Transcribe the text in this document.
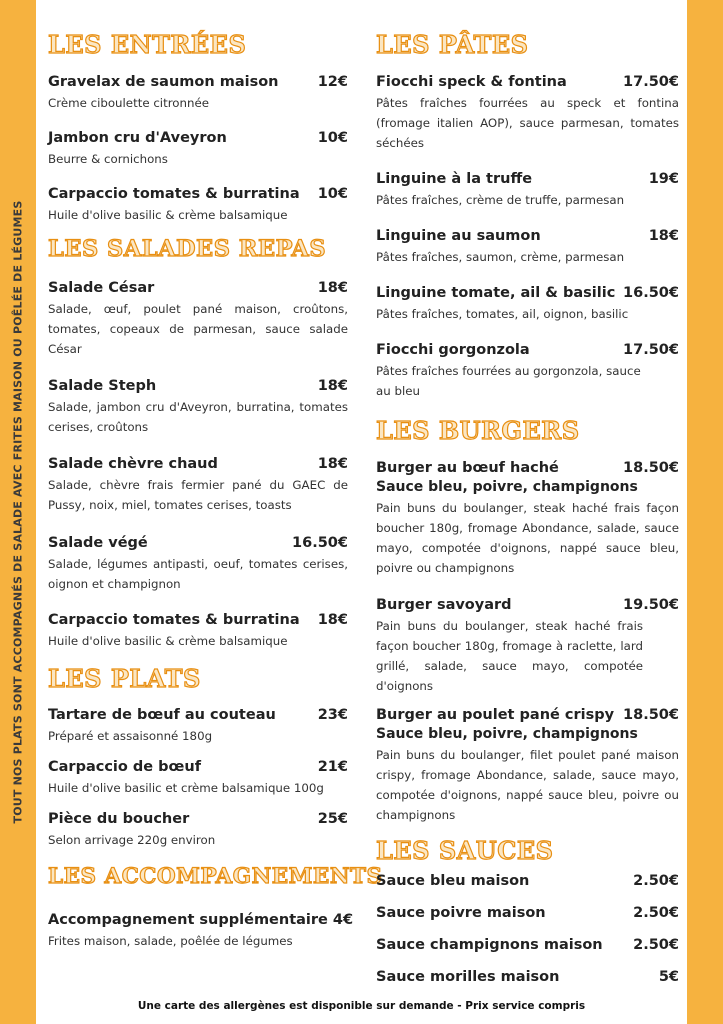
TOUT NOS PLATS SONT ACCOMPAGNÉS DE SALADE AVEC FRITES MAISON OU POÊLÉE DE LÉGUMES
LES ENTRÉES
Gravelax de saumon maison	12€
Crème ciboulette citronnée
Jambon cru d'Aveyron	10€
Beurre & cornichons
Carpaccio tomates & burratina 10€
Huile d'olive basilic & crème balsamique
LES SALADES REPAS
Salade César	18€
Salade, œuf, poulet pané maison, croûtons, tomates, copeaux de parmesan, sauce salade César
Salade Steph	18€
Salade, jambon cru d'Aveyron, burratina, tomates cerises, croûtons
Salade chèvre chaud	18€
Salade, chèvre frais fermier pané du GAEC de Pussy, noix, miel, tomates cerises, toasts
Salade végé	16.50€
Salade, légumes antipasti, oeuf, tomates cerises, oignon et champignon
Carpaccio tomates & burratina 18€
Huile d'olive basilic & crème balsamique
LES PLATS
Tartare de bœuf au couteau	23€
Préparé et assaisonné 180g
Carpaccio de bœuf	21€
Huile d'olive basilic et crème balsamique 100g
Pièce du boucher	25€
Selon arrivage 220g environ
LES ACCOMPAGNEMENTS
Accompagnement supplémentaire 4€
Frites maison, salade, poêlée de légumes
LES PÂTES
Fiocchi speck & fontina	17.50€
Pâtes fraîches fourrées au speck et fontina (fromage italien AOP), sauce parmesan, tomates séchées
Linguine à la truffe	19€
Pâtes fraîches, crème de truffe, parmesan
Linguine au saumon	18€
Pâtes fraîches, saumon, crème, parmesan
Linguine tomate, ail & basilic 16.50€
Pâtes fraîches, tomates, ail, oignon, basilic
Fiocchi gorgonzola	17.50€
Pâtes fraîches fourrées au gorgonzola, sauce au bleu
LES BURGERS
Burger au bœuf haché	18.50€
Sauce bleu, poivre, champignons
Pain buns du boulanger, steak haché frais façon boucher 180g, fromage Abondance, salade, sauce mayo, compotée d'oignons, nappé sauce bleu, poivre ou champignons
Burger savoyard	19.50€
Pain buns du boulanger, steak haché frais façon boucher 180g, fromage à raclette, lard grillé, salade, sauce mayo, compotée d'oignons
Burger au poulet pané crispy 18.50€
Sauce bleu, poivre, champignons
Pain buns du boulanger, filet poulet pané maison crispy, fromage Abondance, salade, sauce mayo, compotée d'oignons, nappé sauce bleu, poivre ou champignons
LES SAUCES
Sauce bleu maison	2.50€
Sauce poivre maison	2.50€
Sauce champignons maison 2.50€
Sauce morilles maison	5€
Une carte des allergènes est disponible sur demande - Prix service compris
